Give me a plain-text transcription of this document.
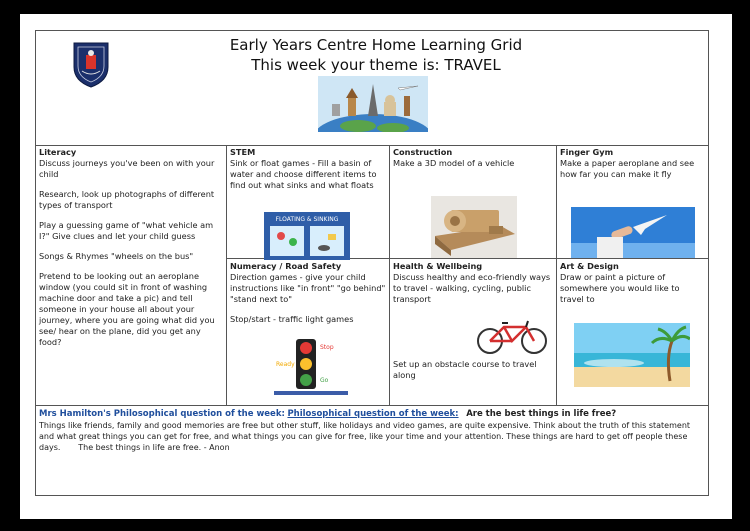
Early Years Centre Home Learning Grid
This week your theme is: TRAVEL
Literacy

Discuss journeys you've been on with your child

Research, look up photographs of different types of transport

Play a guessing game of "what vehicle am I?" Give clues and let your child guess

Songs & Rhymes "wheels on the bus"

Pretend to be looking out an aeroplane window (you could sit in front of washing machine door and take a pic) and tell someone in your house all about your journey, where you are going what did you see/ hear on the plane, did you get any food?

STEM

Sink or float games - Fill a basin of water and choose different items to find out what sinks and what floats

FLOATING & SINKING
Construction

Make a 3D model of a vehicle

Finger Gym

Make a paper aeroplane and see how far you can make it fly

Numeracy / Road Safety

Direction games - give your child instructions like "in front" "go behind" "stand next to"

Stop/start - traffic light games

Stop
Ready
Go
Health & Wellbeing

Discuss healthy and eco-friendly ways to travel - walking, cycling, public transport

Set up an obstacle course to travel along

Art & Design

Draw or paint a picture of somewhere you would like to travel to

Mrs Hamilton's Philosophical question of the week: Philosophical question of the week: Are the best things in life free?
Things like friends, family and good memories are free but other stuff, like holidays and video games, are quite expensive. Think about the truth of this statement and what great things you can get for free, and what things you can give for free, like your time and your attention. These things are hard to get off people these days. The best things in life are free. - Anon
